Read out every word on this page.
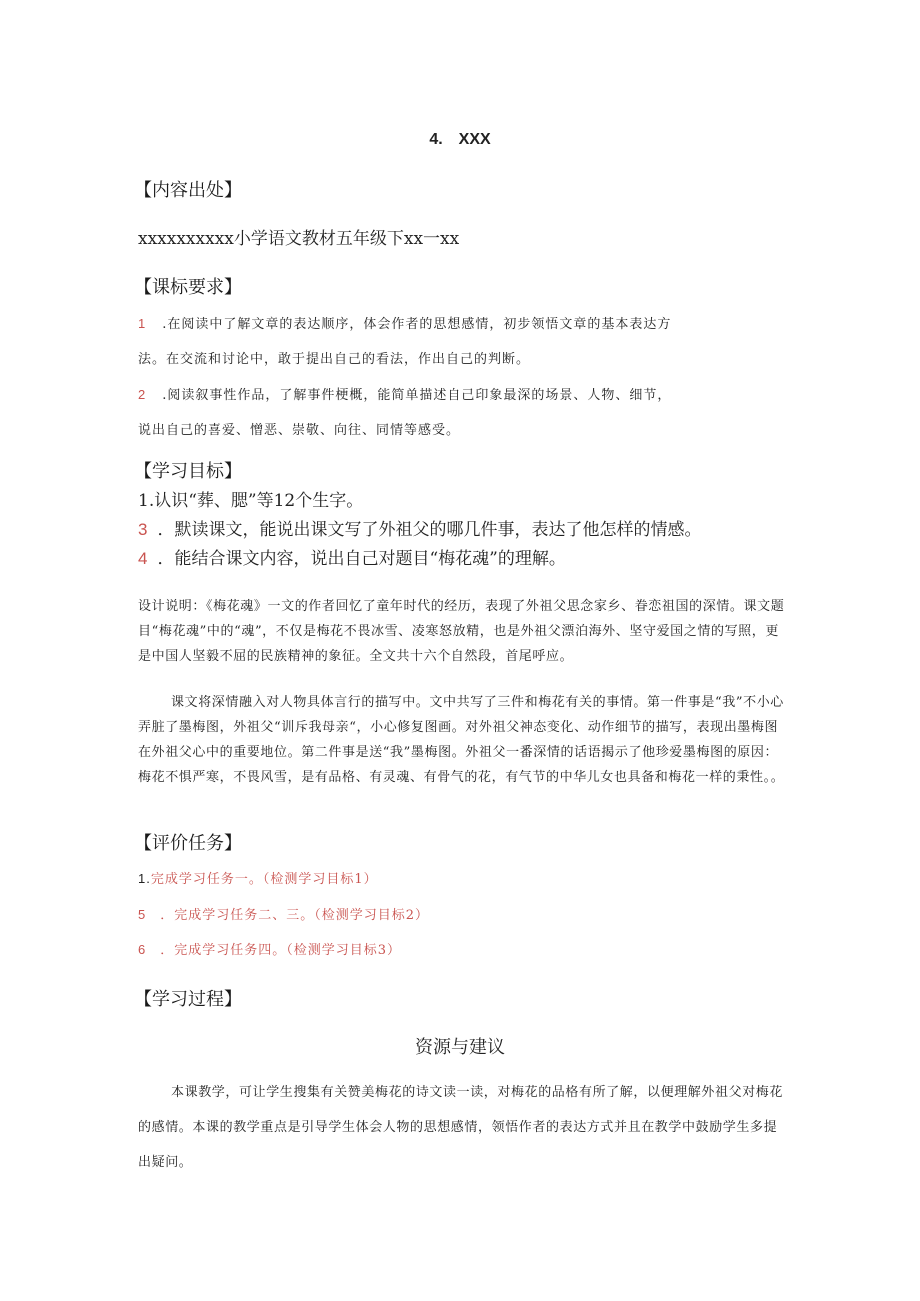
4.　XXX
【内容出处】
xxxxxxxxxx小学语文教材五年级下xx一xx
【课标要求】
1 .在阅读中了解文章的表达顺序，体会作者的思想感情，初步领悟文章的基本表达方
法。在交流和讨论中，敢于提出自己的看法，作出自己的判断。
2 .阅读叙事性作品，了解事件梗概，能简单描述自己印象最深的场景、人物、细节，
说出自己的喜爱、憎恶、崇敬、向往、同情等感受。
【学习目标】
1.认识“葬、腮”等12个生字。
3 ．默读课文，能说出课文写了外祖父的哪几件事，表达了他怎样的情感。
4 ．能结合课文内容，说出自己对题目“梅花魂”的理解。
设计说明：《梅花魂》一文的作者回忆了童年时代的经历，表现了外祖父思念家乡、眷恋祖国的深情。课文题目“梅花魂”中的“魂”，不仅是梅花不畏冰雪、凌寒怒放精，也是外祖父漂泊海外、坚守爱国之情的写照，更是中国人坚毅不屈的民族精神的象征。全文共十六个自然段，首尾呼应。
课文将深情融入对人物具体言行的描写中。文中共写了三件和梅花有关的事情。第一件事是“我”不小心弄脏了墨梅图，外祖父“训斥我母亲“，小心修复图画。对外祖父神态变化、动作细节的描写，表现出墨梅图在外祖父心中的重要地位。第二件事是送“我”墨梅图。外祖父一番深情的话语揭示了他珍爱墨梅图的原因：梅花不惧严寒，不畏风雪，是有品格、有灵魂、有骨气的花，有气节的中华儿女也具备和梅花一样的秉性。。
【评价任务】
1.完成学习任务一。（检测学习目标1）
5 ．完成学习任务二、三。（检测学习目标2）
6 ．完成学习任务四。（检测学习目标3）
【学习过程】
资源与建议
本课教学，可让学生搜集有关赞美梅花的诗文读一读，对梅花的品格有所了解，以便理解外祖父对梅花的感情。本课的教学重点是引导学生体会人物的思想感情，领悟作者的表达方式并且在教学中鼓励学生多提出疑问。
